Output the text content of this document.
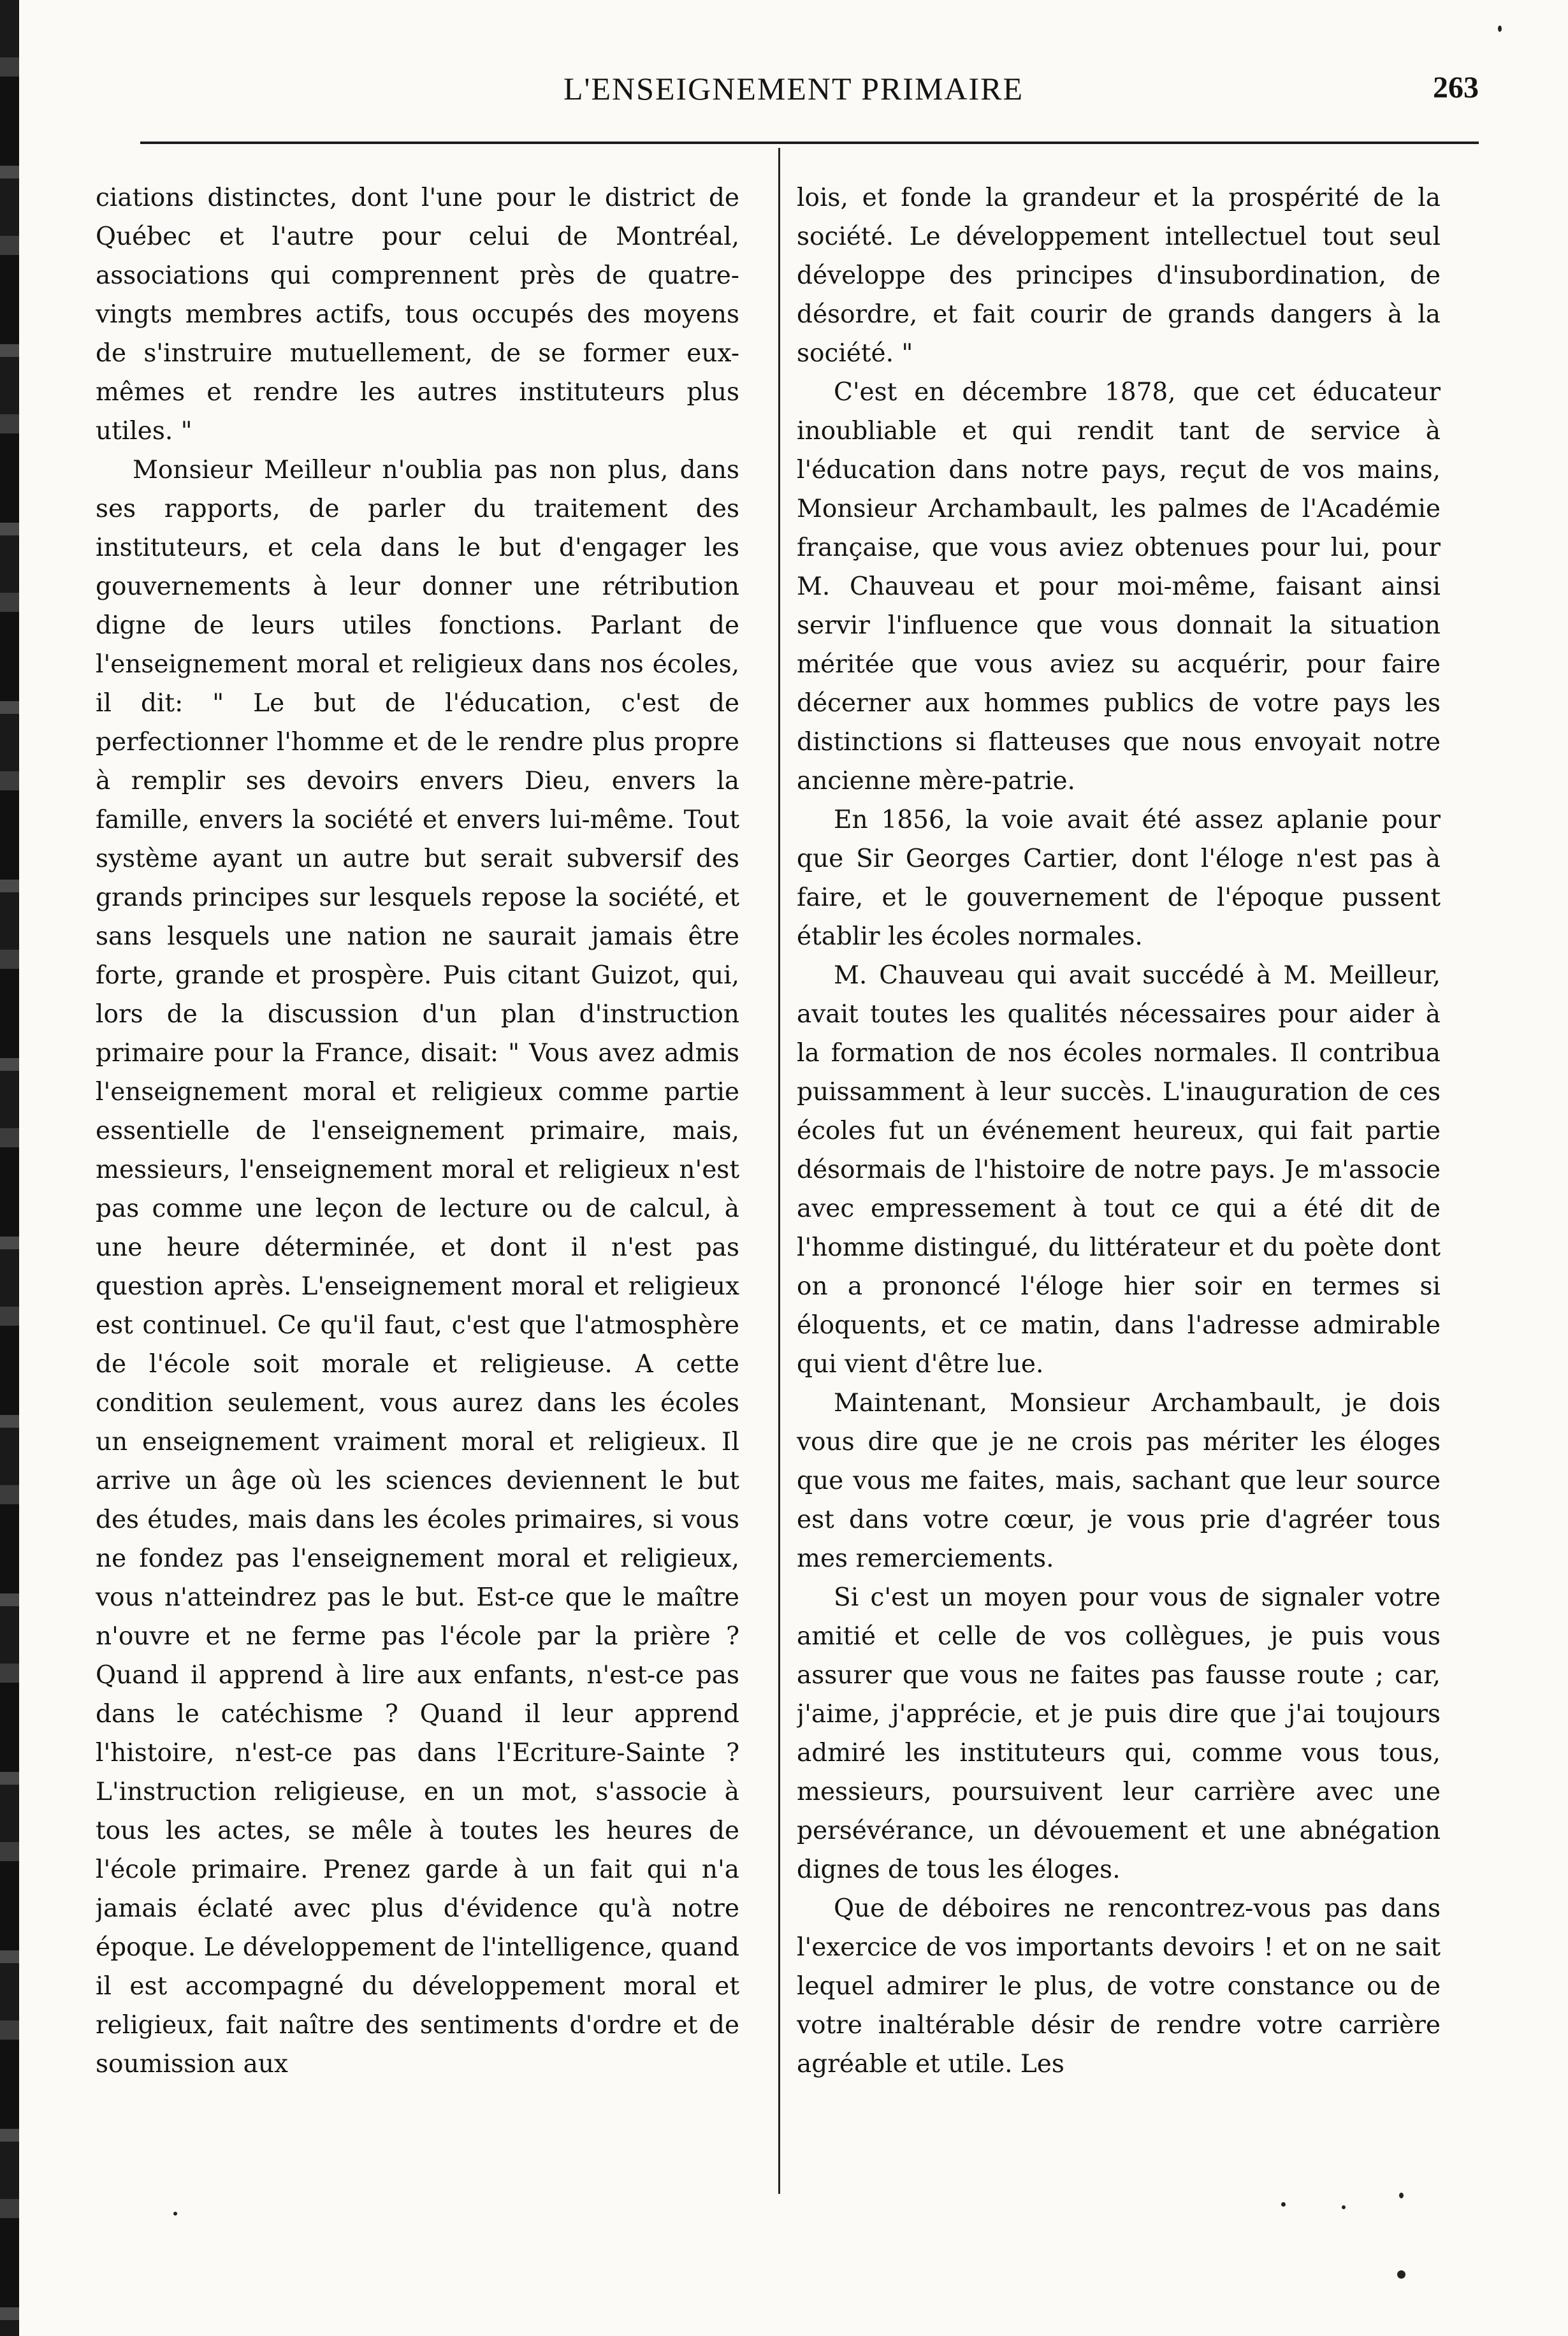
L'ENSEIGNEMENT PRIMAIRE	263

ciations distinctes, dont l'une pour le district de Québec et l'autre pour celui de Montréal, associations qui comprennent près de quatre-vingts membres actifs, tous occupés des moyens de s'instruire mutuellement, de se former eux-mêmes et rendre les autres instituteurs plus utiles. "

Monsieur Meilleur n'oublia pas non plus, dans ses rapports, de parler du traitement des instituteurs, et cela dans le but d'engager les gouvernements à leur donner une rétribution digne de leurs utiles fonctions. Parlant de l'enseignement moral et religieux dans nos écoles, il dit: " Le but de l'éducation, c'est de perfectionner l'homme et de le rendre plus propre à remplir ses devoirs envers Dieu, envers la famille, envers la société et envers lui-même. Tout système ayant un autre but serait subversif des grands principes sur lesquels repose la société, et sans lesquels une nation ne saurait jamais être forte, grande et prospère. Puis citant Guizot, qui, lors de la discussion d'un plan d'instruction primaire pour la France, disait: " Vous avez admis l'enseignement moral et religieux comme partie essentielle de l'enseignement primaire, mais, messieurs, l'enseignement moral et religieux n'est pas comme une leçon de lecture ou de calcul, à une heure déterminée, et dont il n'est pas question après. L'enseignement moral et religieux est continuel. Ce qu'il faut, c'est que l'atmosphère de l'école soit morale et religieuse. A cette condition seulement, vous aurez dans les écoles un enseignement vraiment moral et religieux. Il arrive un âge où les sciences deviennent le but des études, mais dans les écoles primaires, si vous ne fondez pas l'enseignement moral et religieux, vous n'atteindrez pas le but. Est-ce que le maître n'ouvre et ne ferme pas l'école par la prière ? Quand il apprend à lire aux enfants, n'est-ce pas dans le catéchisme ? Quand il leur apprend l'histoire, n'est-ce pas dans l'Ecriture-Sainte ? L'instruction religieuse, en un mot, s'associe à tous les actes, se mêle à toutes les heures de l'école primaire. Prenez garde à un fait qui n'a jamais éclaté avec plus d'évidence qu'à notre époque. Le développement de l'intelligence, quand il est accompagné du développement moral et religieux, fait naître des sentiments d'ordre et de soumission aux

lois, et fonde la grandeur et la prospérité de la société. Le développement intellectuel tout seul développe des principes d'insubordination, de désordre, et fait courir de grands dangers à la société. "

C'est en décembre 1878, que cet éducateur inoubliable et qui rendit tant de service à l'éducation dans notre pays, reçut de vos mains, Monsieur Archambault, les palmes de l'Académie française, que vous aviez obtenues pour lui, pour M. Chauveau et pour moi-même, faisant ainsi servir l'influence que vous donnait la situation méritée que vous aviez su acquérir, pour faire décerner aux hommes publics de votre pays les distinctions si flatteuses que nous envoyait notre ancienne mère-patrie.

En 1856, la voie avait été assez aplanie pour que Sir Georges Cartier, dont l'éloge n'est pas à faire, et le gouvernement de l'époque pussent établir les écoles normales.

M. Chauveau qui avait succédé à M. Meilleur, avait toutes les qualités nécessaires pour aider à la formation de nos écoles normales. Il contribua puissamment à leur succès. L'inauguration de ces écoles fut un événement heureux, qui fait partie désormais de l'histoire de notre pays. Je m'associe avec empressement à tout ce qui a été dit de l'homme distingué, du littérateur et du poète dont on a prononcé l'éloge hier soir en termes si éloquents, et ce matin, dans l'adresse admirable qui vient d'être lue.

Maintenant, Monsieur Archambault, je dois vous dire que je ne crois pas mériter les éloges que vous me faites, mais, sachant que leur source est dans votre cœur, je vous prie d'agréer tous mes remerciements.

Si c'est un moyen pour vous de signaler votre amitié et celle de vos collègues, je puis vous assurer que vous ne faites pas fausse route ; car, j'aime, j'apprécie, et je puis dire que j'ai toujours admiré les instituteurs qui, comme vous tous, messieurs, poursuivent leur carrière avec une persévérance, un dévouement et une abnégation dignes de tous les éloges.

Que de déboires ne rencontrez-vous pas dans l'exercice de vos importants devoirs ! et on ne sait lequel admirer le plus, de votre constance ou de votre inaltérable désir de rendre votre carrière agréable et utile. Les
